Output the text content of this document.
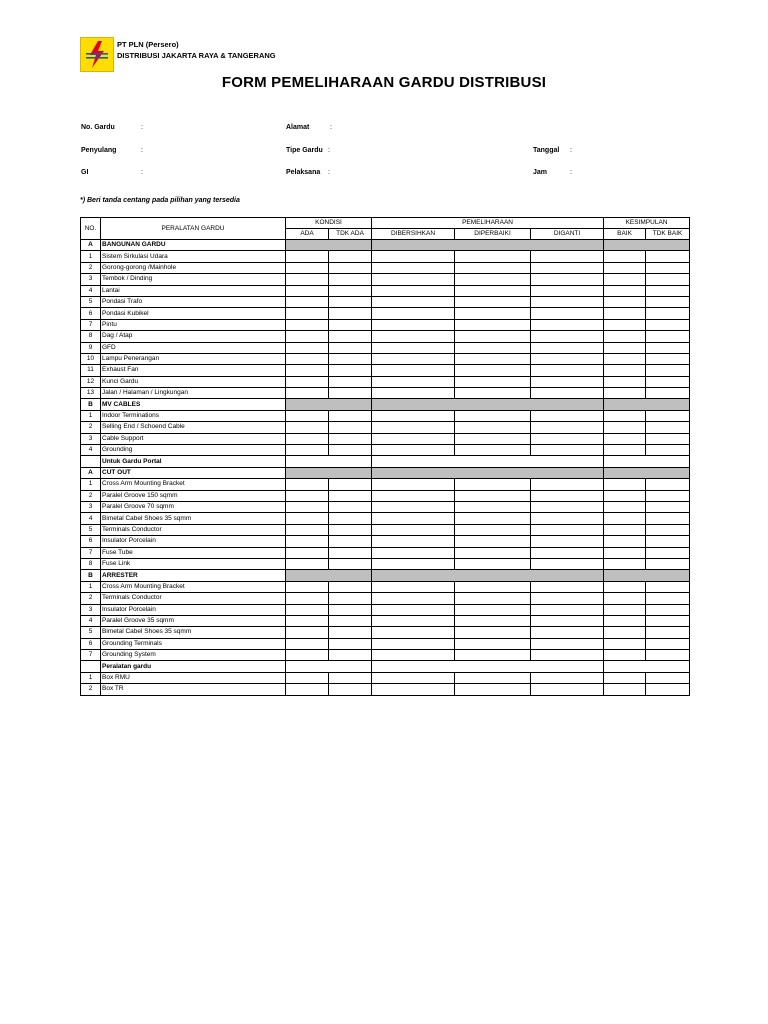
PT PLN (Persero)
DISTRIBUSI JAKARTA RAYA & TANGERANG
FORM PEMELIHARAAN GARDU DISTRIBUSI
No. Gardu	:	Alamat	:
Penyulang	:	Tipe Gardu :	Tanggal :
GI	:	Pelaksana :	Jam	:
*) Beri tanda centang pada pilihan yang tersedia
NO.	PERALATAN GARDU	KONDISI		PEMELIHARAAN			KESIMPULAN	
		ADA	TDK ADA	DIBERSIHKAN	DIPERBAIKI	DIGANTI	BAIK	TDK BAIK
A	BANGUNAN GARDU							
1	Sistem Sirkulasi Udara							
2	Gorong-gorong /Mainhole							
3	Tembok / Dinding							
4	Lantai							
5	Pondasi Trafo							
6	Pondasi Kubikel							
7	Pintu							
8	Dag / Atap							
9	GFD							
10	Lampu Penerangan							
11	Exhaust Fan							
12	Kunci Gardu							
13	Jalan / Halaman / Lingkungan							
B	MV CABLES							
1	Indoor Terminations							
2	Selling End / Schoend Cable							
3	Cable Support							
4	Grounding							
	Untuk Gardu Portal							
A	CUT OUT							
1	Cross Arm Mounting Bracket							
2	Paralel Groove 150 sqmm							
3	Paralel Groove 70 sqmm							
4	Bimetal Cabel Shoes 35 sqmm							
5	Terminals Conductor							
6	Insulator Porcelain							
7	Fuse Tube							
8	Fuse Link							
B	ARRESTER							
1	Cross Arm Mounting Bracket							
2	Terminals Conductor							
3	Insulator Porcelain							
4	Paralel Groove 35 sqmm							
5	Bimetal Cabel Shoes 35 sqmm							
6	Grounding Terminals							
7	Grounding System							
	Peralatan gardu							
1	Box RMU							
2	Box TR							
